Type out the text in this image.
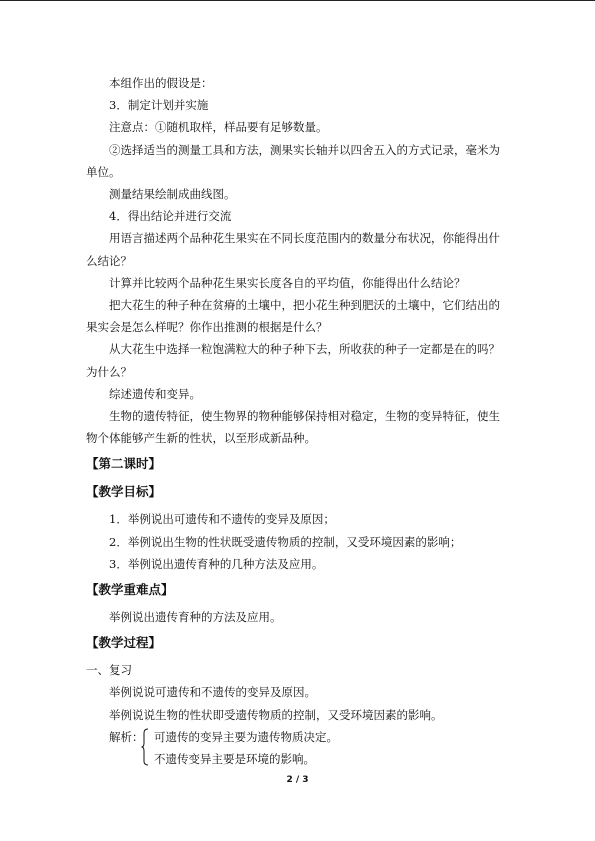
本组作出的假设是：

3．制定计划并实施

注意点：①随机取样，样品要有足够数量。

②选择适当的测量工具和方法，测果实长轴并以四舍五入的方式记录，毫米为单位。

测量结果绘制成曲线图。

4．得出结论并进行交流

用语言描述两个品种花生果实在不同长度范围内的数量分布状况，你能得出什么结论？

计算并比较两个品种花生果实长度各自的平均值，你能得出什么结论？

把大花生的种子种在贫瘠的土壤中，把小花生种到肥沃的土壤中，它们结出的果实会是怎么样呢？你作出推测的根据是什么？

从大花生中选择一粒饱满粒大的种子种下去，所收获的种子一定都是在的吗？为什么？

综述遗传和变异。

生物的遗传特征，使生物界的物种能够保持相对稳定，生物的变异特征，使生物个体能够产生新的性状，以至形成新品种。

【第二课时】
【教学目标】

1．举例说出可遗传和不遗传的变异及原因；

2．举例说出生物的性状既受遗传物质的控制，又受环境因素的影响；

3．举例说出遗传育种的几种方法及应用。

【教学重难点】

举例说出遗传育种的方法及应用。

【教学过程】

一、复习

举例说说可遗传和不遗传的变异及原因。

举例说说生物的性状即受遗传物质的控制，又受环境因素的影响。

解析： 可遗传的变异主要为遗传物质决定。
不遗传变异主要是环境的影响。
2 / 3
